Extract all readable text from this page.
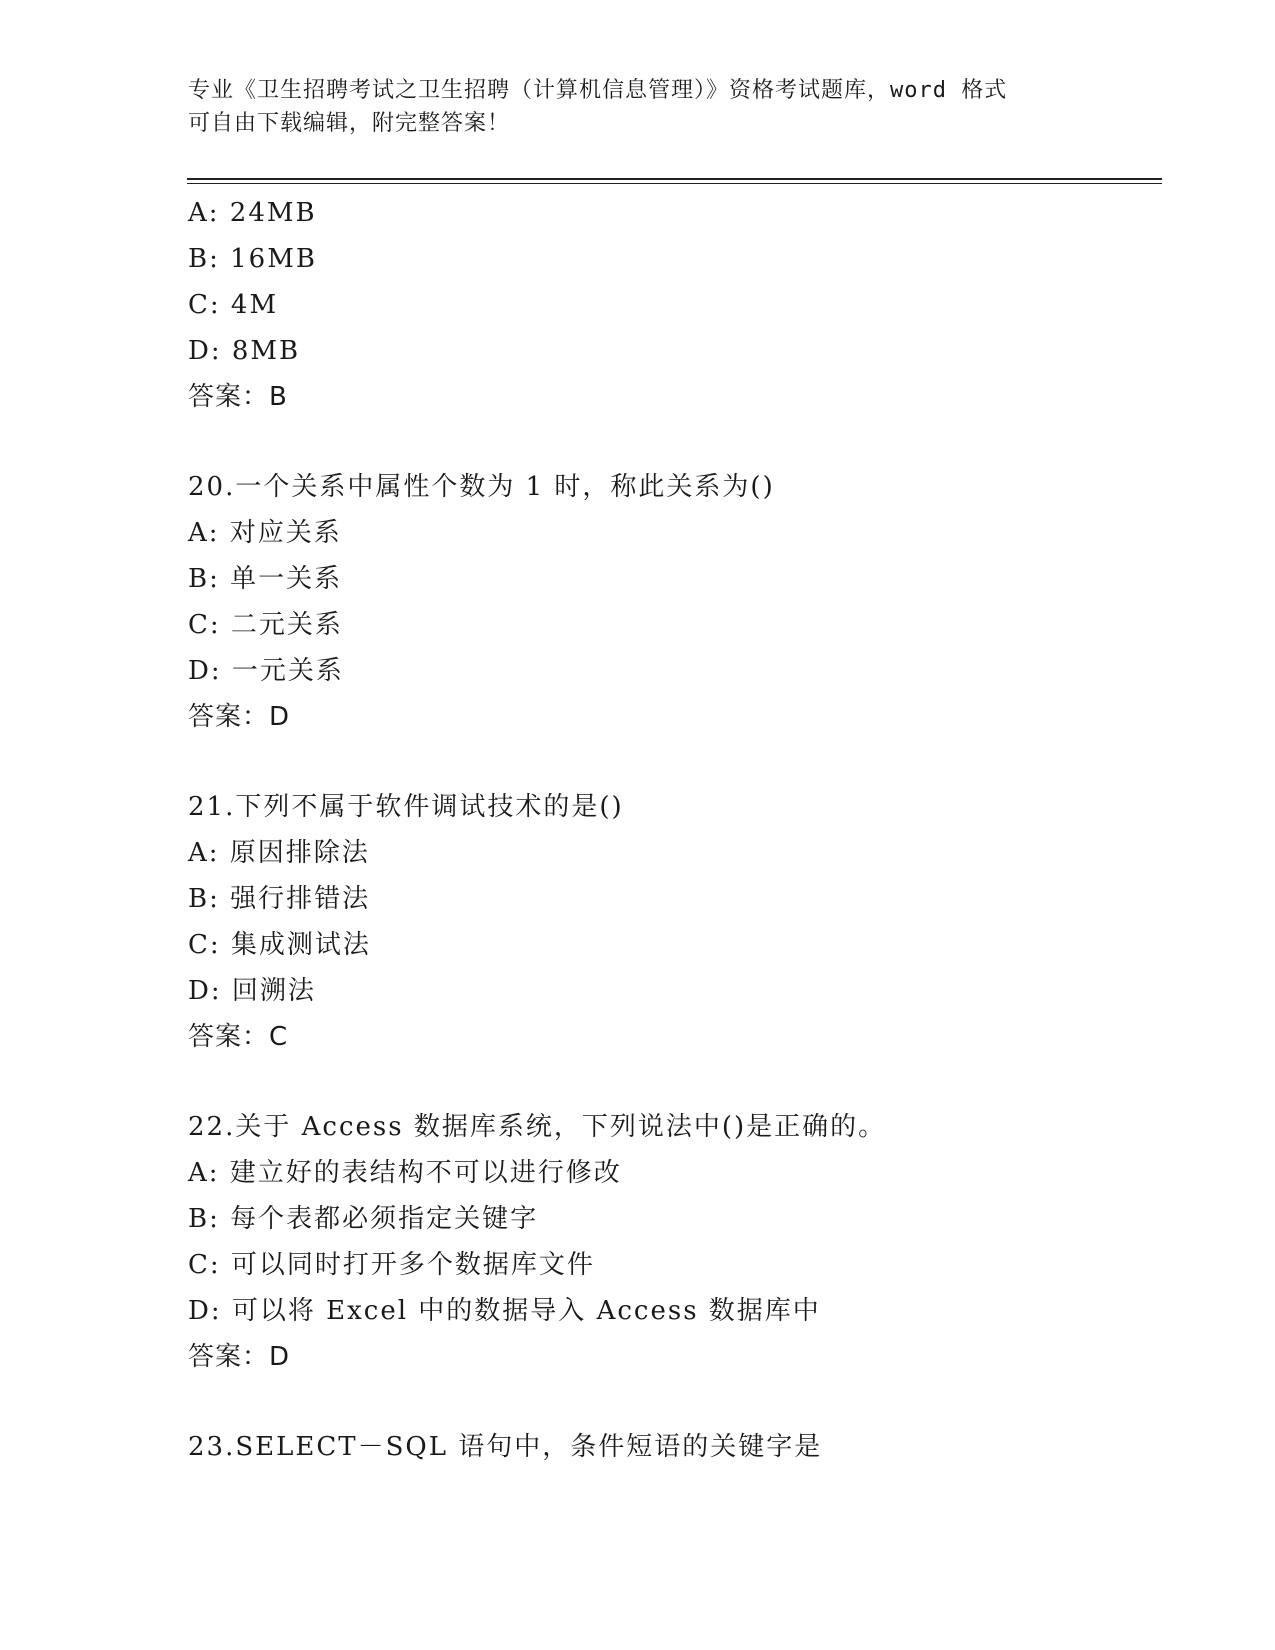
专业《卫生招聘考试之卫生招聘（计算机信息管理）》资格考试题库，word 格式
可自由下载编辑，附完整答案！
A: 24MB
B: 16MB
C: 4M
D: 8MB
答案：B
20.一个关系中属性个数为 1 时，称此关系为()
A: 对应关系
B: 单一关系
C: 二元关系
D: 一元关系
答案：D
21.下列不属于软件调试技术的是()
A: 原因排除法
B: 强行排错法
C: 集成测试法
D: 回溯法
答案：C
22.关于 Access 数据库系统，下列说法中()是正确的。
A: 建立好的表结构不可以进行修改
B: 每个表都必须指定关键字
C: 可以同时打开多个数据库文件
D: 可以将 Excel 中的数据导入 Access 数据库中
答案：D
23.SELECT－SQL 语句中，条件短语的关键字是
